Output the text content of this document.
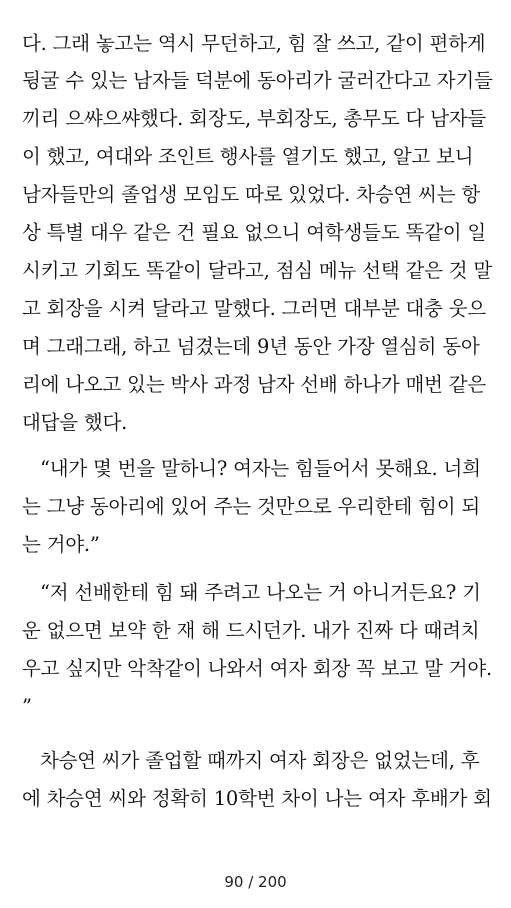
다. 그래 놓고는 역시 무던하고, 힘 잘 쓰고, 같이 편하게
뒹굴 수 있는 남자들 덕분에 동아리가 굴러간다고 자기들
끼리 으쌰으쌰했다. 회장도, 부회장도, 총무도 다 남자들
이 했고, 여대와 조인트 행사를 열기도 했고, 알고 보니
남자들만의 졸업생 모임도 따로 있었다. 차승연 씨는 항
상 특별 대우 같은 건 필요 없으니 여학생들도 똑같이 일
시키고 기회도 똑같이 달라고, 점심 메뉴 선택 같은 것 말
고 회장을 시켜 달라고 말했다. 그러면 대부분 대충 웃으
며 그래그래, 하고 넘겼는데 9년 동안 가장 열심히 동아
리에 나오고 있는 박사 과정 남자 선배 하나가 매번 같은
대답을 했다.
“내가 몇 번을 말하니? 여자는 힘들어서 못해요. 너희
는 그냥 동아리에 있어 주는 것만으로 우리한테 힘이 되
는 거야.”
“저 선배한테 힘 돼 주려고 나오는 거 아니거든요? 기
운 없으면 보약 한 재 해 드시던가. 내가 진짜 다 때려치
우고 싶지만 악착같이 나와서 여자 회장 꼭 보고 말 거야.
”
차승연 씨가 졸업할 때까지 여자 회장은 없었는데, 후
에 차승연 씨와 정확히 10학번 차이 나는 여자 후배가 회
90 / 200
